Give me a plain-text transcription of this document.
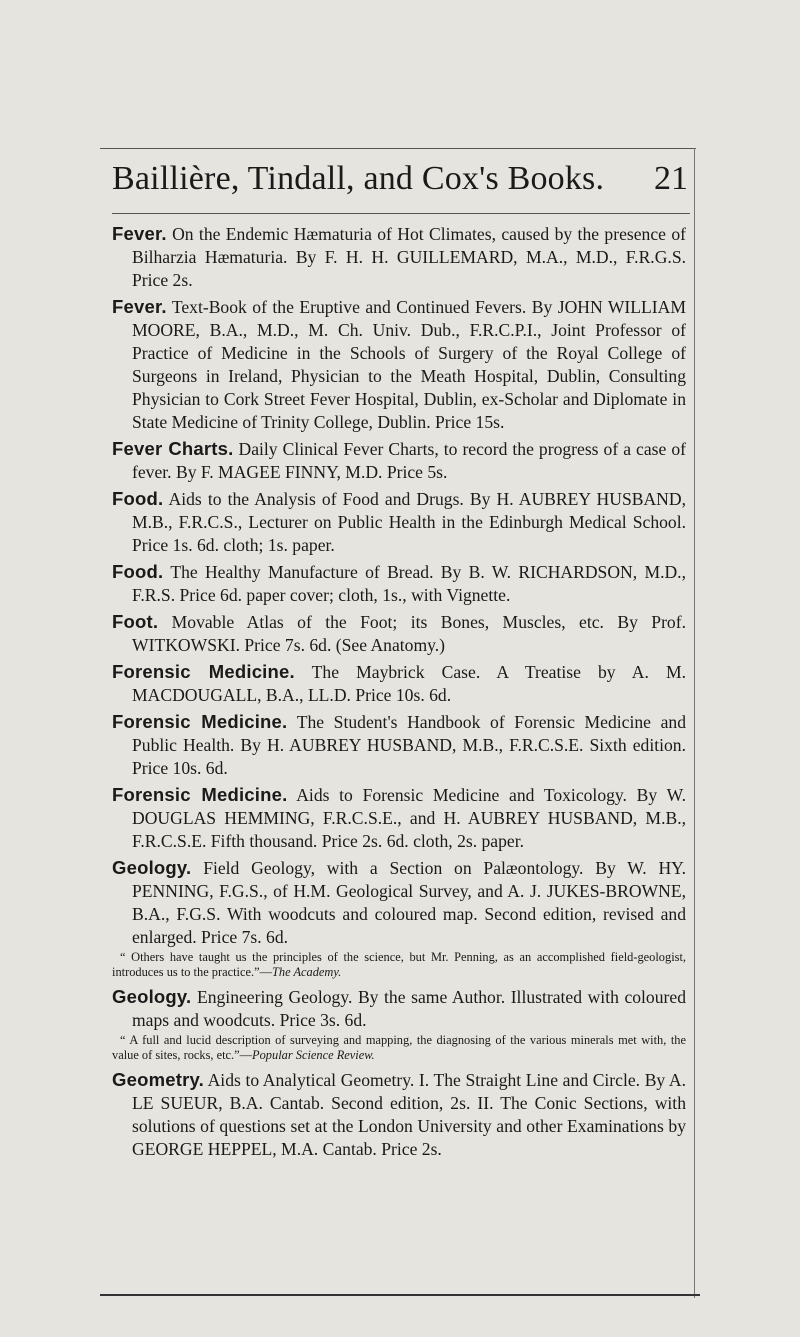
Baillière, Tindall, and Cox's Books. 21

Fever. On the Endemic Hæmaturia of Hot Climates, caused by the presence of Bilharzia Hæmaturia. By F. H. H. GUILLEMARD, M.A., M.D., F.R.G.S. Price 2s.

Fever. Text-Book of the Eruptive and Continued Fevers. By JOHN WILLIAM MOORE, B.A., M.D., M. Ch. Univ. Dub., F.R.C.P.I., Joint Professor of Practice of Medicine in the Schools of Surgery of the Royal College of Surgeons in Ireland, Physician to the Meath Hospital, Dublin, Consulting Physician to Cork Street Fever Hospital, Dublin, ex-Scholar and Diplomate in State Medicine of Trinity College, Dublin. Price 15s.

Fever Charts. Daily Clinical Fever Charts, to record the progress of a case of fever. By F. MAGEE FINNY, M.D. Price 5s.

Food. Aids to the Analysis of Food and Drugs. By H. AUBREY HUSBAND, M.B., F.R.C.S., Lecturer on Public Health in the Edinburgh Medical School. Price 1s. 6d. cloth; 1s. paper.

Food. The Healthy Manufacture of Bread. By B. W. RICHARDSON, M.D., F.R.S. Price 6d. paper cover; cloth, 1s., with Vignette.

Foot. Movable Atlas of the Foot; its Bones, Muscles, etc. By Prof. WITKOWSKI. Price 7s. 6d. (See Anatomy.)

Forensic Medicine. The Maybrick Case. A Treatise by A. M. MACDOUGALL, B.A., LL.D. Price 10s. 6d.

Forensic Medicine. The Student's Handbook of Forensic Medicine and Public Health. By H. AUBREY HUSBAND, M.B., F.R.C.S.E. Sixth edition. Price 10s. 6d.

Forensic Medicine. Aids to Forensic Medicine and Toxicology. By W. DOUGLAS HEMMING, F.R.C.S.E., and H. AUBREY HUSBAND, M.B., F.R.C.S.E. Fifth thousand. Price 2s. 6d. cloth, 2s. paper.

Geology. Field Geology, with a Section on Palæontology. By W. HY. PENNING, F.G.S., of H.M. Geological Survey, and A. J. JUKES-BROWNE, B.A., F.G.S. With woodcuts and coloured map. Second edition, revised and enlarged. Price 7s. 6d.

“ Others have taught us the principles of the science, but Mr. Penning, as an accomplished field-geologist, introduces us to the practice.”—The Academy.

Geology. Engineering Geology. By the same Author. Illustrated with coloured maps and woodcuts. Price 3s. 6d.

“ A full and lucid description of surveying and mapping, the diagnosing of the various minerals met with, the value of sites, rocks, etc.”—Popular Science Review.

Geometry. Aids to Analytical Geometry. I. The Straight Line and Circle. By A. LE SUEUR, B.A. Cantab. Second edition, 2s. II. The Conic Sections, with solutions of questions set at the London University and other Examinations by GEORGE HEPPEL, M.A. Cantab. Price 2s.
